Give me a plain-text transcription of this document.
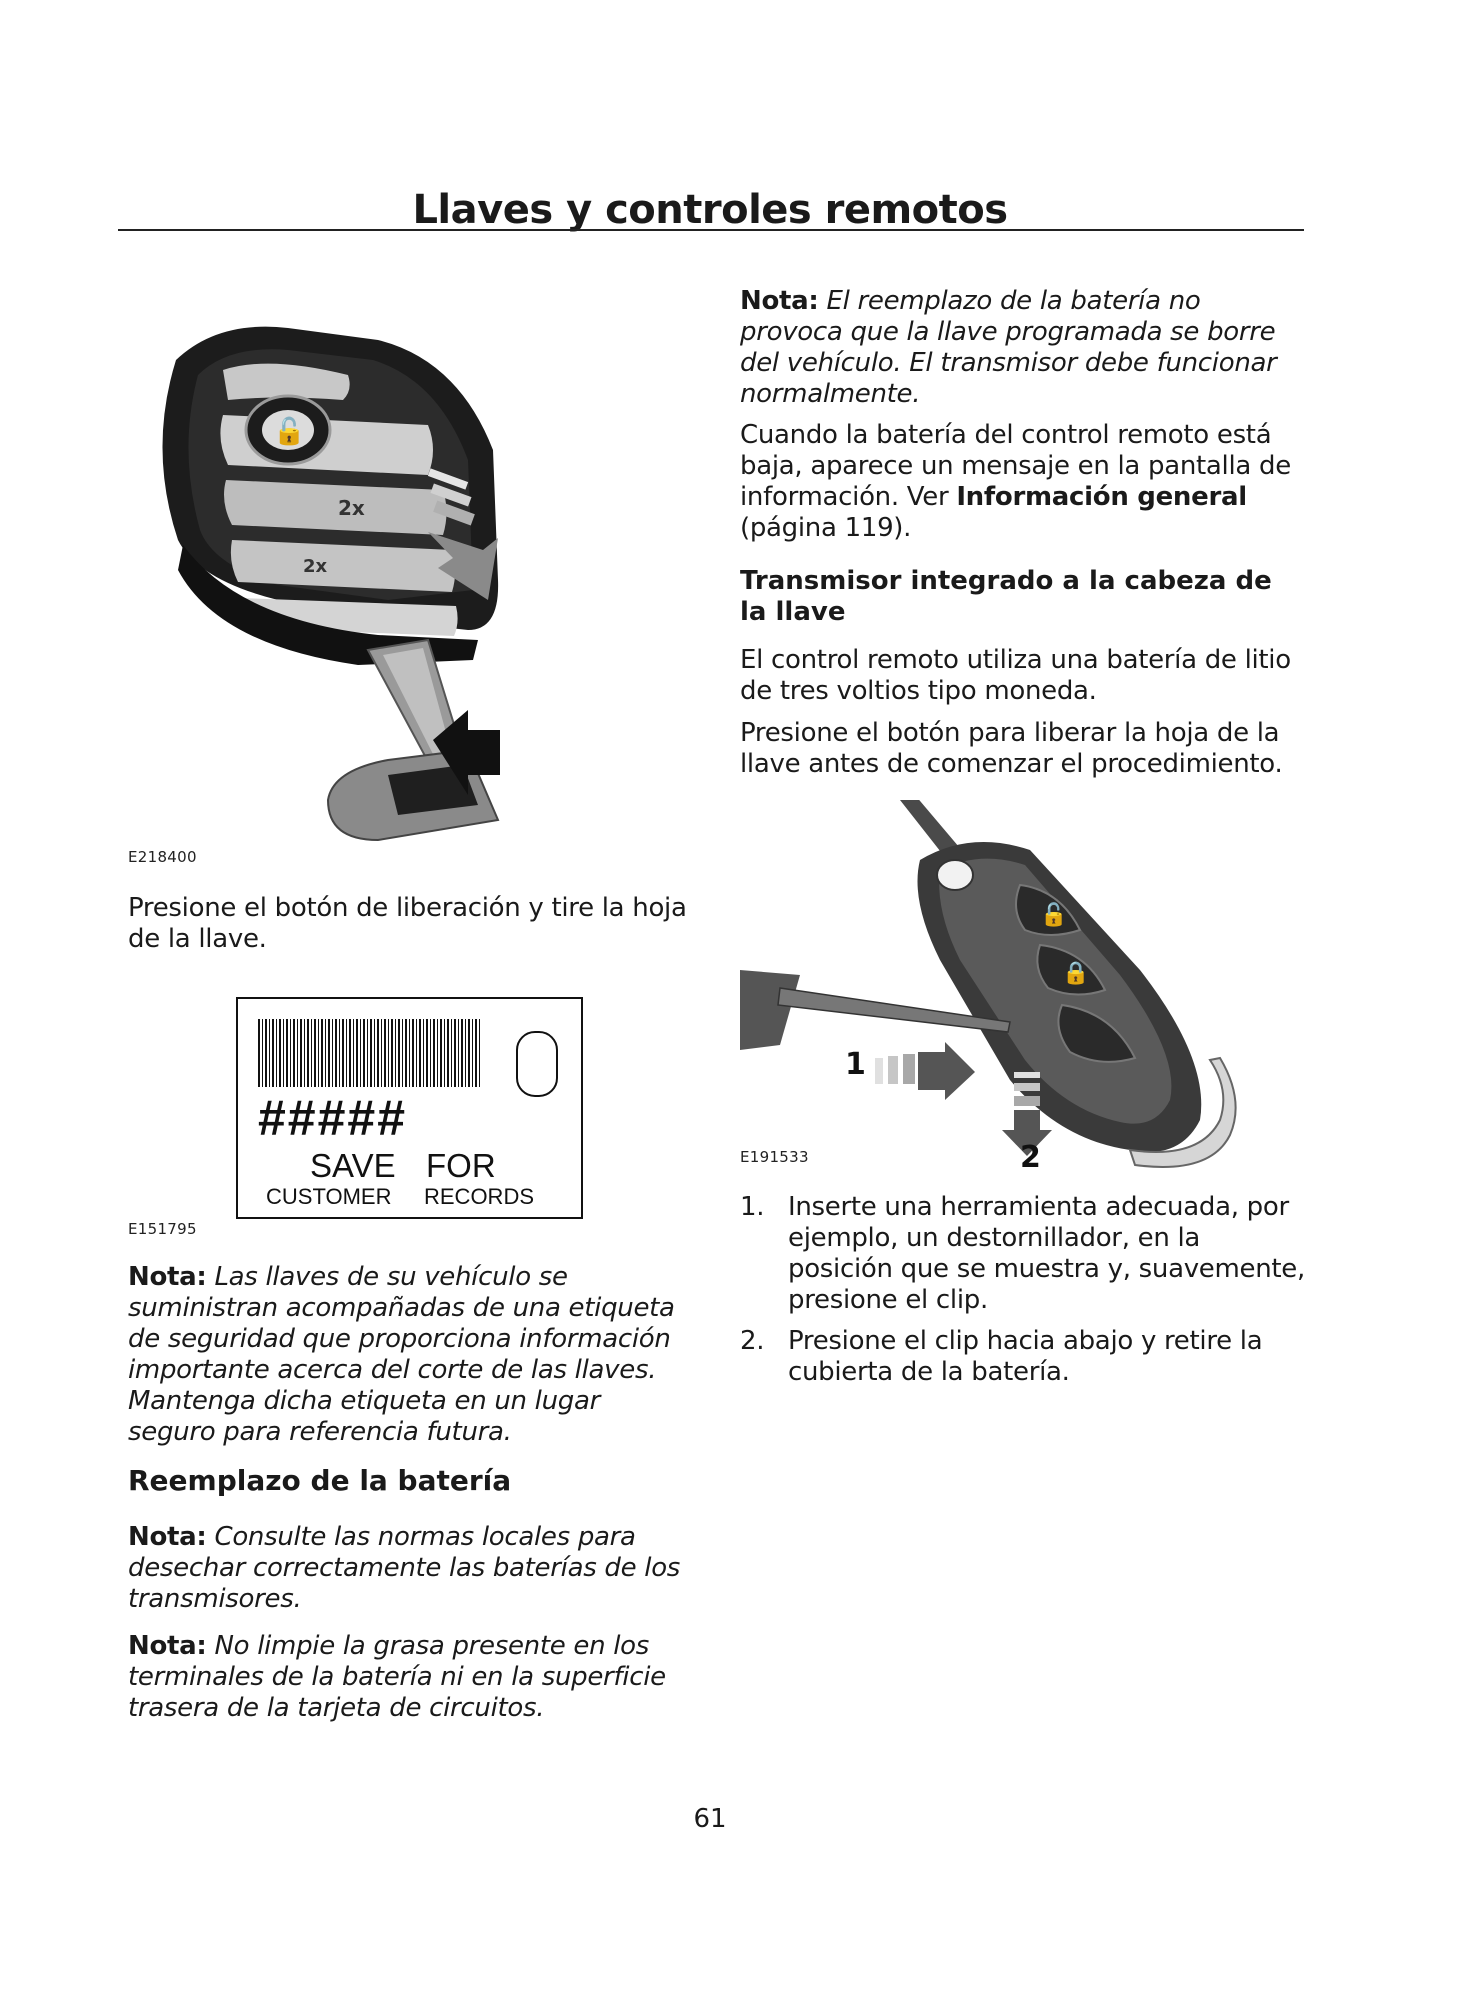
Llaves y controles remotos
🔓
2x
2x
E218400

Presione el botón de liberación y tire la hoja de la llave.

#####
SAVE FOR
CUSTOMER RECORDS
E151795

Nota: Las llaves de su vehículo se suministran acompañadas de una etiqueta de seguridad que proporciona información importante acerca del corte de las llaves. Mantenga dicha etiqueta en un lugar seguro para referencia futura.

Reemplazo de la batería

Nota: Consulte las normas locales para desechar correctamente las baterías de los transmisores.

Nota: No limpie la grasa presente en los terminales de la batería ni en la superficie trasera de la tarjeta de circuitos.

Nota: El reemplazo de la batería no provoca que la llave programada se borre del vehículo. El transmisor debe funcionar normalmente.

Cuando la batería del control remoto está baja, aparece un mensaje en la pantalla de información. Ver Información general (página 119).

Transmisor integrado a la cabeza de la llave

El control remoto utiliza una batería de litio de tres voltios tipo moneda.

Presione el botón para liberar la hoja de la llave antes de comenzar el procedimiento.

🔓
🔒
1
2
E191533
1. Inserte una herramienta adecuada, por ejemplo, un destornillador, en la posición que se muestra y, suavemente, presione el clip.
2. Presione el clip hacia abajo y retire la cubierta de la batería.
61
